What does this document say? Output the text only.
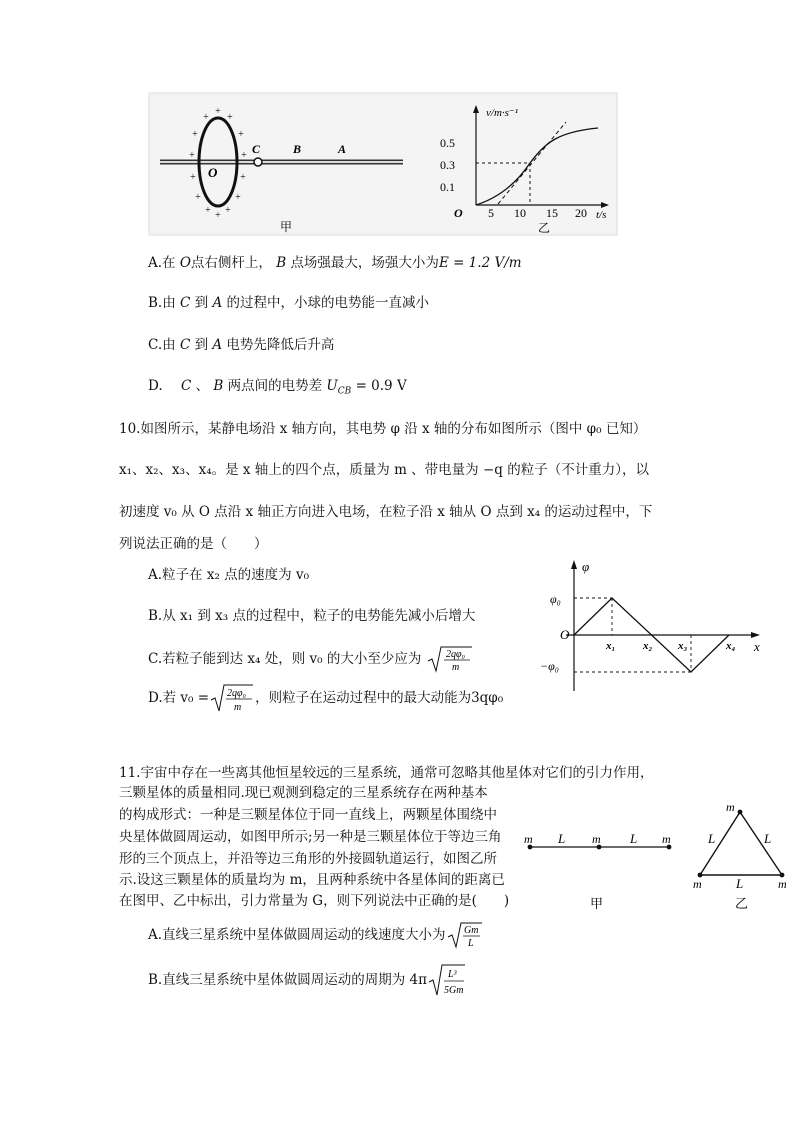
+
+ +
+	+
+	+
+	+
+	+
+ +
+
O
C	B	A
甲
v/m·s⁻¹
t/s
O
0.5
0.3
0.1
5 10 15 20
乙
A.在 O点右侧杆上， B 点场强最大，场强大小为E = 1.2 V/m
B.由 C 到 A 的过程中，小球的电势能一直减小
C.由 C 到 A 电势先降低后升高
D. C 、 B 两点间的电势差 $U_{CB} = 0.9$ V
10.如图所示，某静电场沿 x 轴方向，其电势 φ 沿 x 轴的分布如图所示（图中 φ₀ 已知）
x₁、x₂、x₃、x₄。是 x 轴上的四个点，质量为 m 、带电量为 −q 的粒子（不计重力），以
初速度 v₀ 从 O 点沿 x 轴正方向进入电场，在粒子沿 x 轴从 O 点到 x₄ 的运动过程中，下
列说法正确的是（　　）
A.粒子在 x₂ 点的速度为 v₀
B.从 x₁ 到 x₃ 点的过程中，粒子的电势能先减小后增大
C.若粒子能到达 x₄ 处，则 v₀ 的大小至少应为 2qφ₀
m
D.若 v₀ = 2qφ₀
m
，则粒子在运动过程中的最大动能为3qφ₀
φ
x
O
φ₀
−φ₀
x₁	x₂ x₃	x₄
11.宇宙中存在一些离其他恒星较远的三星系统，通常可忽略其他星体对它们的引力作用，
三颗星体的质量相同.现已观测到稳定的三星系统存在两种基本
的构成形式：一种是三颗星体位于同一直线上，两颗星体围绕中
央星体做圆周运动，如图甲所示;另一种是三颗星体位于等边三角
形的三个顶点上，并沿等边三角形的外接圆轨道运行，如图乙所
示.设这三颗星体的质量均为 m，且两种系统中各星体间的距离已
在图甲、乙中标出，引力常量为 G，则下列说法中正确的是(　　)
A.直线三星系统中星体做圆周运动的线速度大小为 Gm
L
B.直线三星系统中星体做圆周运动的周期为 4π L³
5Gm
m L m L m
甲
m
L	L
m	L	m
乙
